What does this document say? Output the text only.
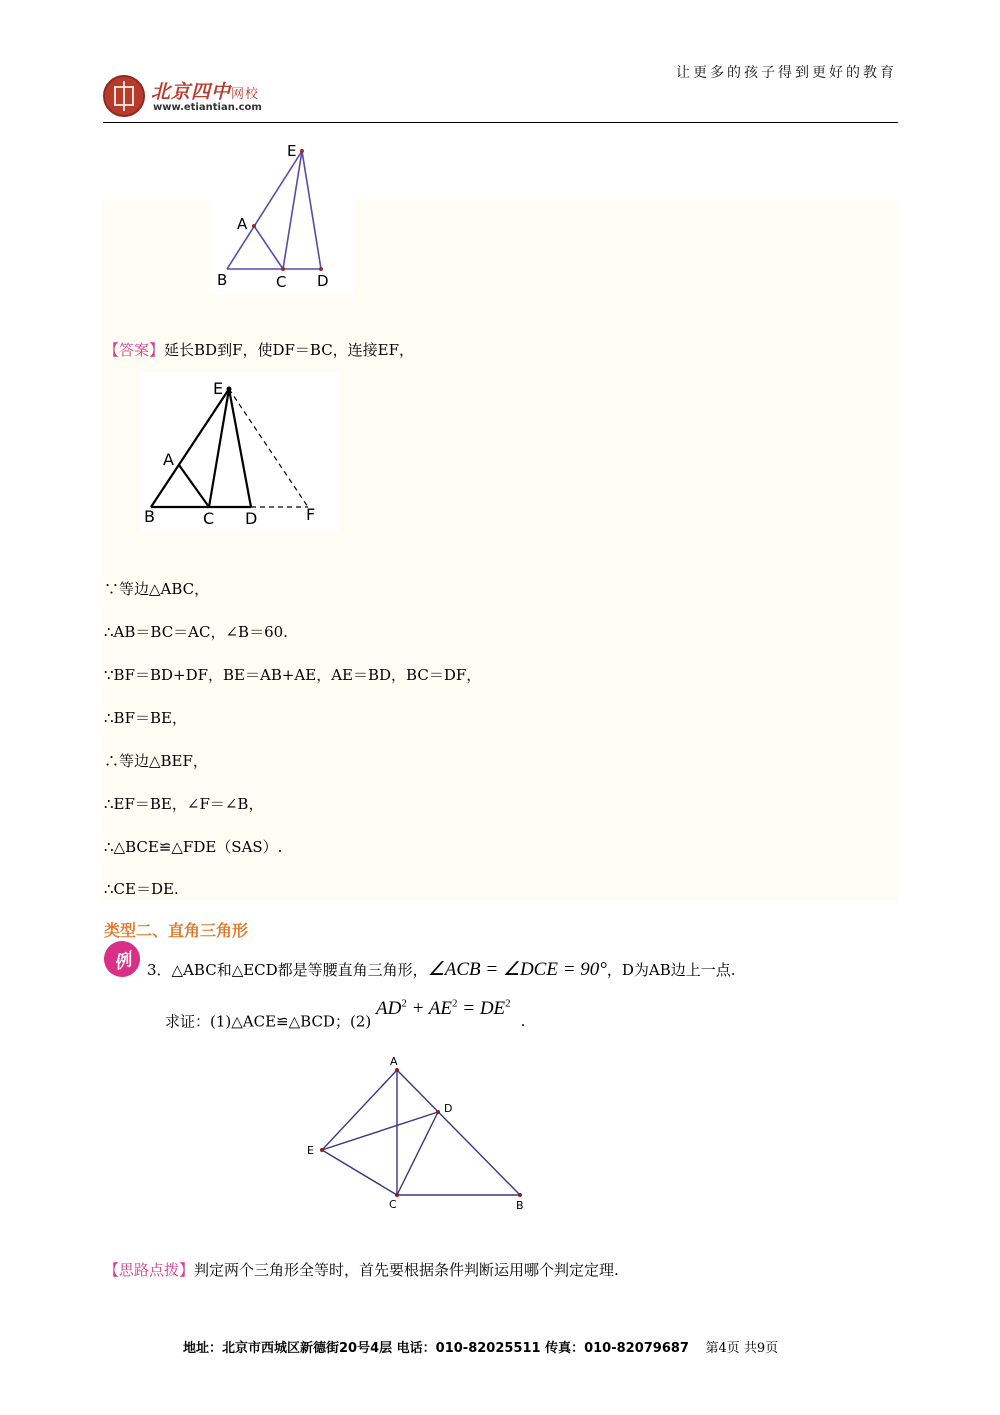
北京四中网校
www.etiantian.com
让更多的孩子得到更好的教育
E
A
B	C D
【答案】延长BD到F，使DF＝BC，连接EF，
E
A
B	C D	F
∵等边△ABC，
∴AB＝BC＝AC，∠B＝60.
∵BF＝BD+DF，BE＝AB+AE，AE＝BD，BC＝DF，
∴BF＝BE，
∴等边△BEF，
∴EF＝BE，∠F＝∠B，
∴△BCE≌△FDE（SAS）.
∴CE＝DE.
类型二、直角三角形
例 3．△ABC和△ECD都是等腰直角三角形，∠ACB = ∠DCE = 90°，D为AB边上一点.
求证：(1)△ACE≌△BCD；(2) $AD^2 + AE^2 = DE^2$.
A
D
E
C	B
【思路点拨】判定两个三角形全等时，首先要根据条件判断运用哪个判定定理.
地址：北京市西城区新德街20号4层 电话：010-82025511 传真：010-82079687 第4页 共9页
